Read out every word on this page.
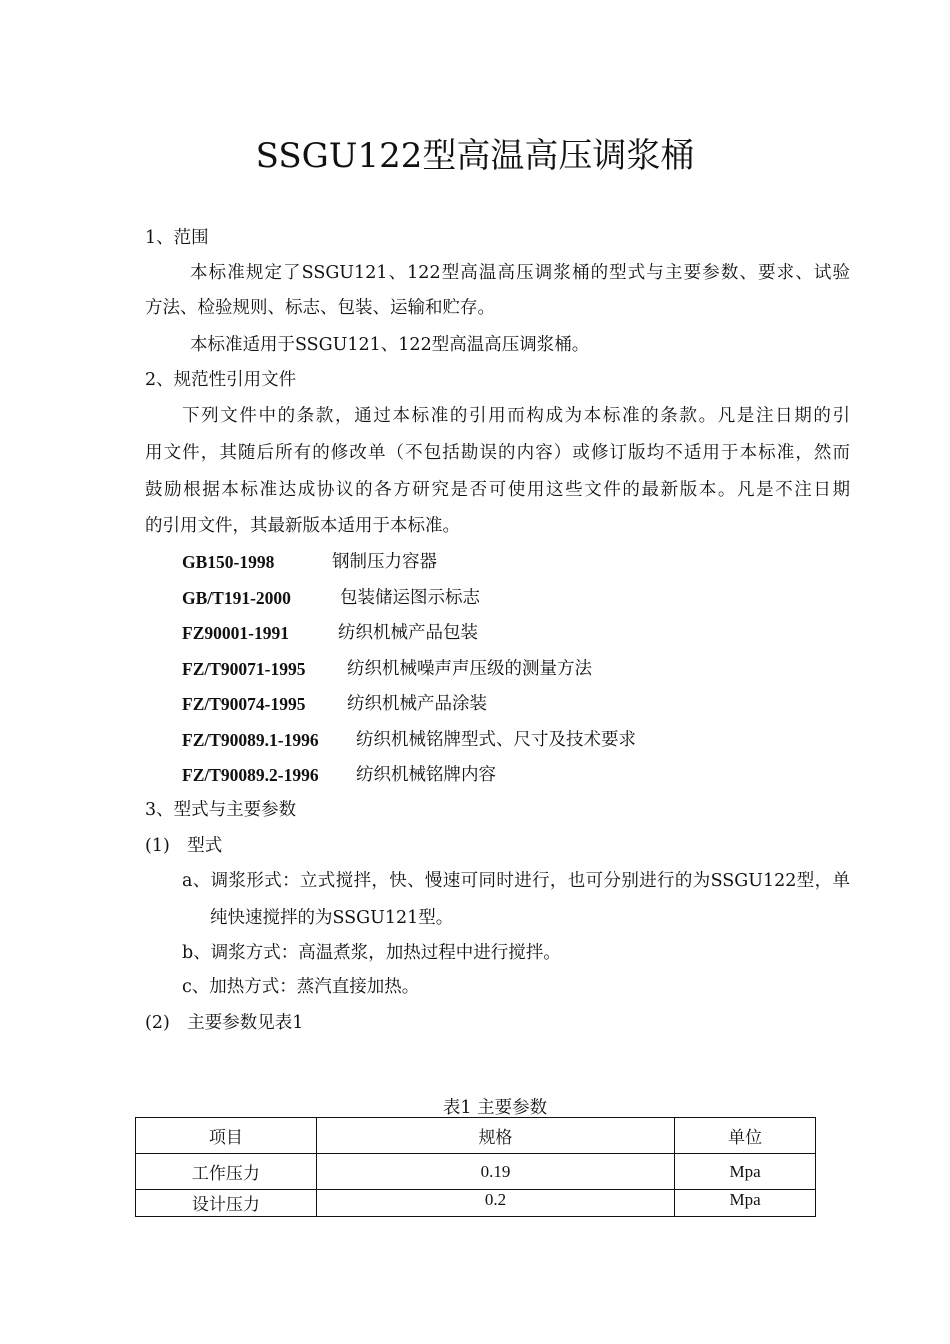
SSGU122型高温高压调浆桶
1、范围
本标准规定了SSGU121、122型高温高压调浆桶的型式与主要参数、要求、试验
方法、检验规则、标志、包装、运输和贮存。
本标准适用于SSGU121、122型高温高压调浆桶。
2、规范性引用文件
下列文件中的条款，通过本标准的引用而构成为本标准的条款。凡是注日期的引
用文件，其随后所有的修改单（不包括勘误的内容）或修订版均不适用于本标准，然而
鼓励根据本标准达成协议的各方研究是否可使用这些文件的最新版本。凡是不注日期
的引用文件，其最新版本适用于本标准。
GB150-1998	钢制压力容器
GB/T191-2000	包装储运图示标志
FZ90001-1991	纺织机械产品包装
FZ/T90071-1995 纺织机械噪声声压级的测量方法
FZ/T90074-1995 纺织机械产品涂装
FZ/T90089.1-1996 纺织机械铭牌型式、尺寸及技术要求
FZ/T90089.2-1996 纺织机械铭牌内容
3、型式与主要参数
(1)　型式
a、调浆形式：立式搅拌，快、慢速可同时进行，也可分别进行的为SSGU122型，单
纯快速搅拌的为SSGU121型。
b、调浆方式：高温煮浆，加热过程中进行搅拌。
c、加热方式：蒸汽直接加热。
(2)　主要参数见表1
表1 主要参数
项目	规格	单位
工作压力	0.19	Mpa
设计压力	0.2	Mpa
